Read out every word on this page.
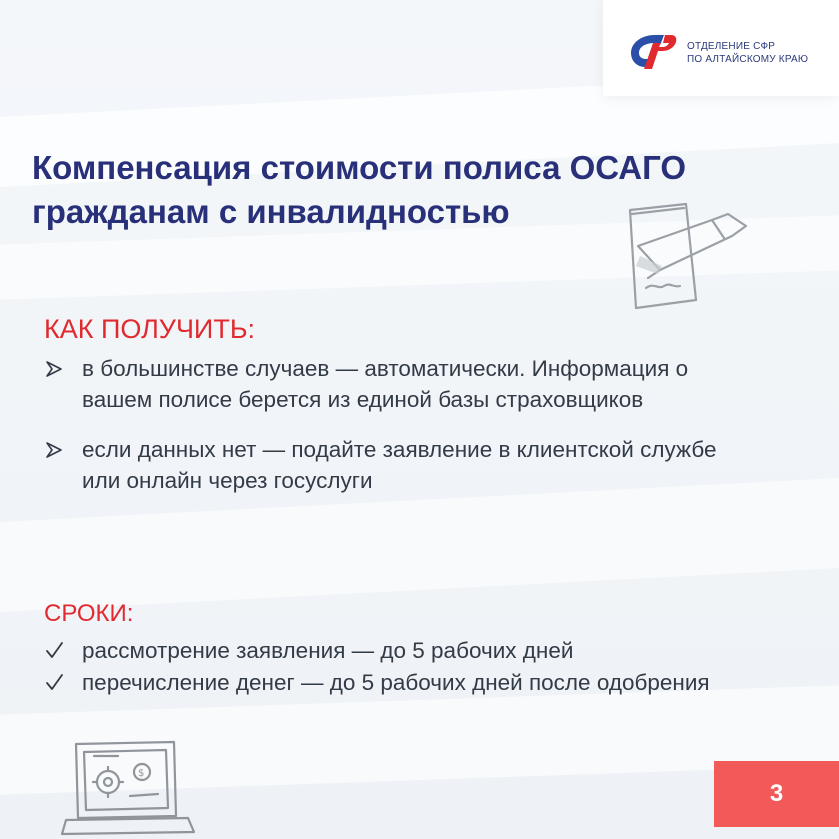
ОТДЕЛЕНИЕ СФР
ПО АЛТАЙСКОМУ КРАЮ
Компенсация стоимости полиса ОСАГО
гражданам с инвалидностью
КАК ПОЛУЧИТЬ:
в большинстве случаев — автоматически. Информация о
вашем полисе берется из единой базы страховщиков
если данных нет — подайте заявление в клиентской службе
или онлайн через госуслуги
СРОКИ:
рассмотрение заявления — до 5 рабочих дней
перечисление денег — до 5 рабочих дней после одобрения
$
3
